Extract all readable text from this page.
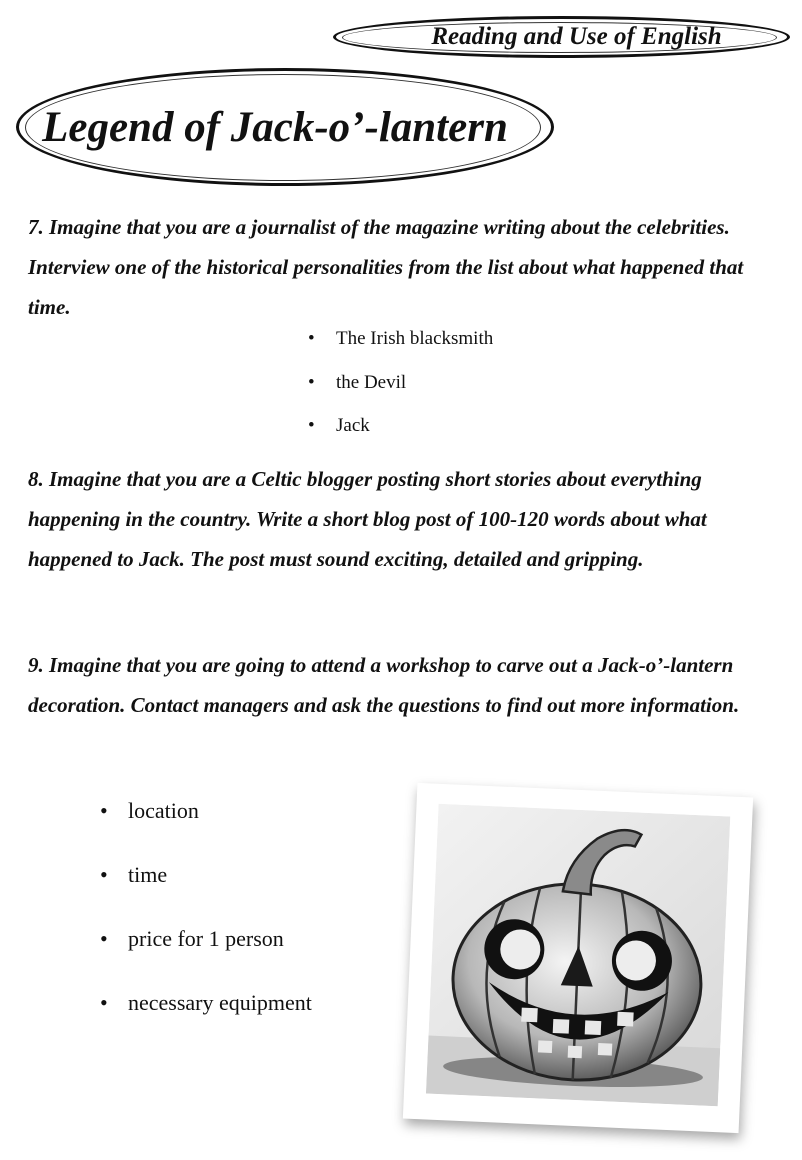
Reading and Use of English
Legend of Jack-o’-lantern

7. Imagine that you are a journalist of the magazine writing about the celebrities. Interview one of the historical personalities from the list about what happened that time.

•	The Irish blacksmith
•	the Devil
•	Jack

8. Imagine that you are a Celtic blogger posting short stories about everything happening in the country. Write a short blog post of 100-120 words about what happened to Jack. The post must sound exciting, detailed and gripping.

9. Imagine that you are going to attend a workshop to carve out a Jack-o’-lantern decoration. Contact managers and ask the questions to find out more information.

• location
• time
• price for 1 person
• necessary equipment
